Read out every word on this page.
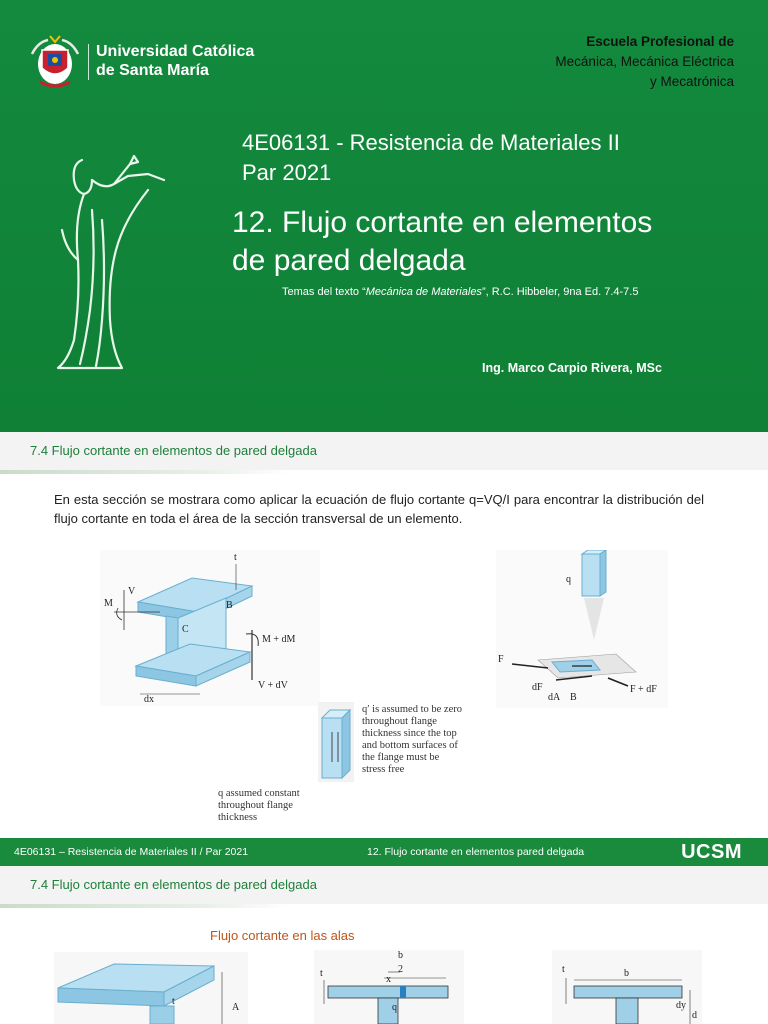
Universidad Católica
de Santa María
Escuela Profesional de
Mecánica, Mecánica Eléctrica
y Mecatrónica
4E06131 - Resistencia de Materiales II
Par 2021
12. Flujo cortante en elementos
de pared delgada
Temas del texto “Mecánica de Materiales”, R.C. Hibbeler, 9na Ed. 7.4-7.5
Ing. Marco Carpio Rivera, MSc
7.4 Flujo cortante en elementos de pared delgada
En esta sección se mostrara como aplicar la ecuación de flujo cortante q=VQ/I para encontrar la distribución del flujo cortante en toda el área de la sección transversal de un elemento.
M
V
t
B
C
M + dM
V + dV
dx
q
F
dF
dA B
F + dF
q′ is assumed to be zero
throughout flange
thickness since the top
and bottom surfaces of
the flange must be
stress free
q assumed constant
throughout flange
thickness
4E06131 – Resistencia de Materiales II / Par 2021	12. Flujo cortante en elementos pared delgada	UCSM
7.4 Flujo cortante en elementos de pared delgada
Flujo cortante en las alas
t
A
t
b
2
x
q
t	b
dy
d
